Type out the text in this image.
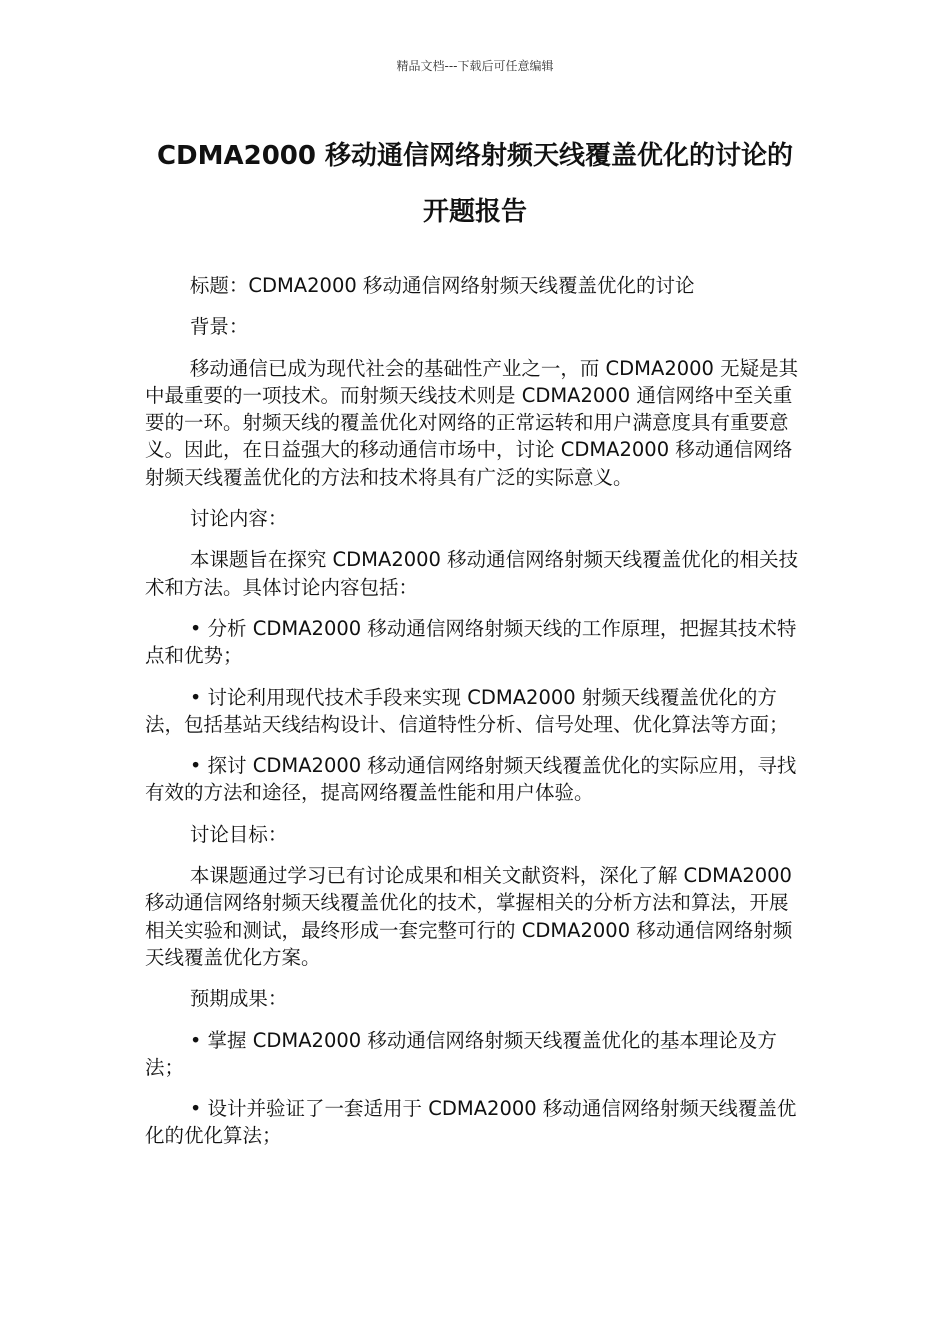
精品文档---下载后可任意编辑
CDMA2000 移动通信网络射频天线覆盖优化的讨论的开题报告

标题：CDMA2000 移动通信网络射频天线覆盖优化的讨论

背景：

移动通信已成为现代社会的基础性产业之一，而 CDMA2000 无疑是其中最重要的一项技术。而射频天线技术则是 CDMA2000 通信网络中至关重要的一环。射频天线的覆盖优化对网络的正常运转和用户满意度具有重要意义。因此，在日益强大的移动通信市场中，讨论 CDMA2000 移动通信网络射频天线覆盖优化的方法和技术将具有广泛的实际意义。

讨论内容：

本课题旨在探究 CDMA2000 移动通信网络射频天线覆盖优化的相关技术和方法。具体讨论内容包括：

• 分析 CDMA2000 移动通信网络射频天线的工作原理，把握其技术特点和优势；

• 讨论利用现代技术手段来实现 CDMA2000 射频天线覆盖优化的方法，包括基站天线结构设计、信道特性分析、信号处理、优化算法等方面；

• 探讨 CDMA2000 移动通信网络射频天线覆盖优化的实际应用，寻找有效的方法和途径，提高网络覆盖性能和用户体验。

讨论目标：

本课题通过学习已有讨论成果和相关文献资料，深化了解 CDMA2000 移动通信网络射频天线覆盖优化的技术，掌握相关的分析方法和算法，开展相关实验和测试，最终形成一套完整可行的 CDMA2000 移动通信网络射频天线覆盖优化方案。

预期成果：

• 掌握 CDMA2000 移动通信网络射频天线覆盖优化的基本理论及方法；

• 设计并验证了一套适用于 CDMA2000 移动通信网络射频天线覆盖优化的优化算法；
